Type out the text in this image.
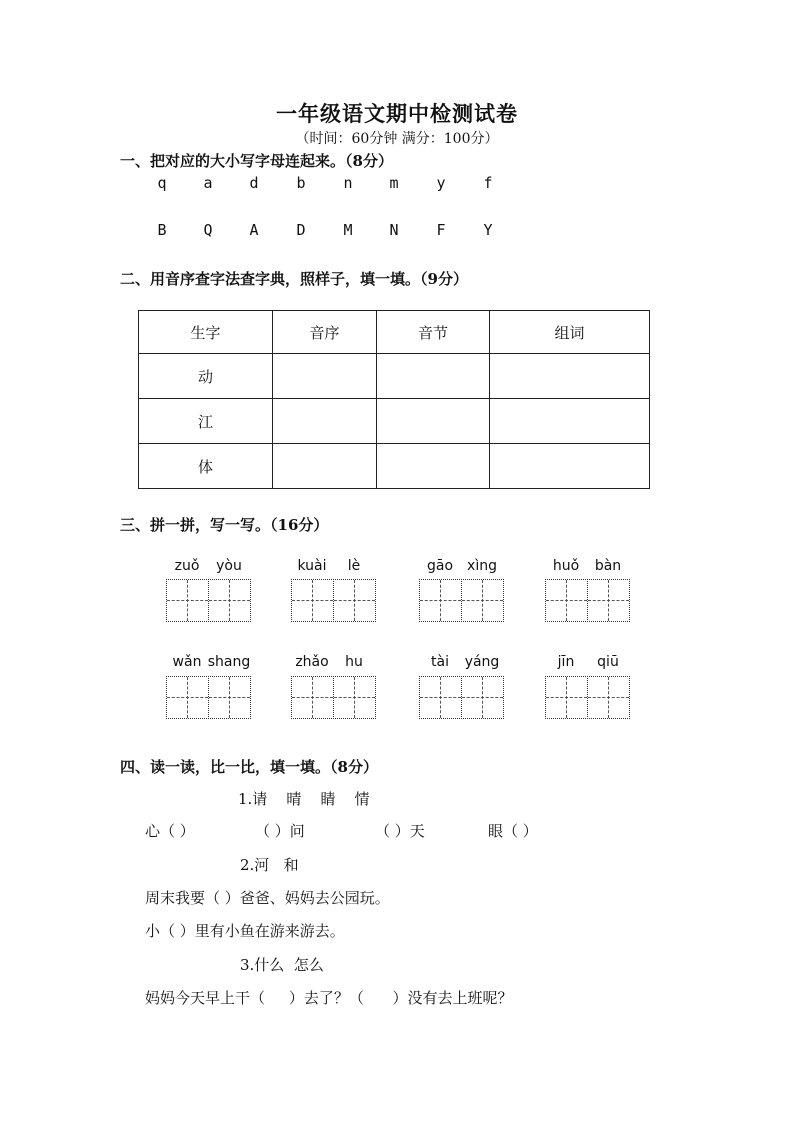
一年级语文期中检测试卷
（时间：60分钟 满分：100分）
一、把对应的大小写字母连起来。（8分）
q	a	d	b	n	m	y	f
B	Q	A	D	M	N	F	Y
二、用音序查字法查字典，照样子，填一填。（9分）
生字	音序	音节	组词
动			
江			
体			
三、拼一拼，写一写。（16分）
zuǒ	yòu	kuài	lè	gāo	xìng	huǒ	bàn
wǎn shang	zhǎo	hu	tài	yáng	jīn	qiū
四、读一读，比一比，填一填。（8分）
1.请    晴    睛    情
心（ ）	（ ）问	（ ）天	眼（ ）
2.河   和
周末我要（ ）爸爸、妈妈去公园玩。
小（ ）里有小鱼在游来游去。
3.什么  怎么
妈妈今天早上干（     ）去了？（      ）没有去上班呢？
